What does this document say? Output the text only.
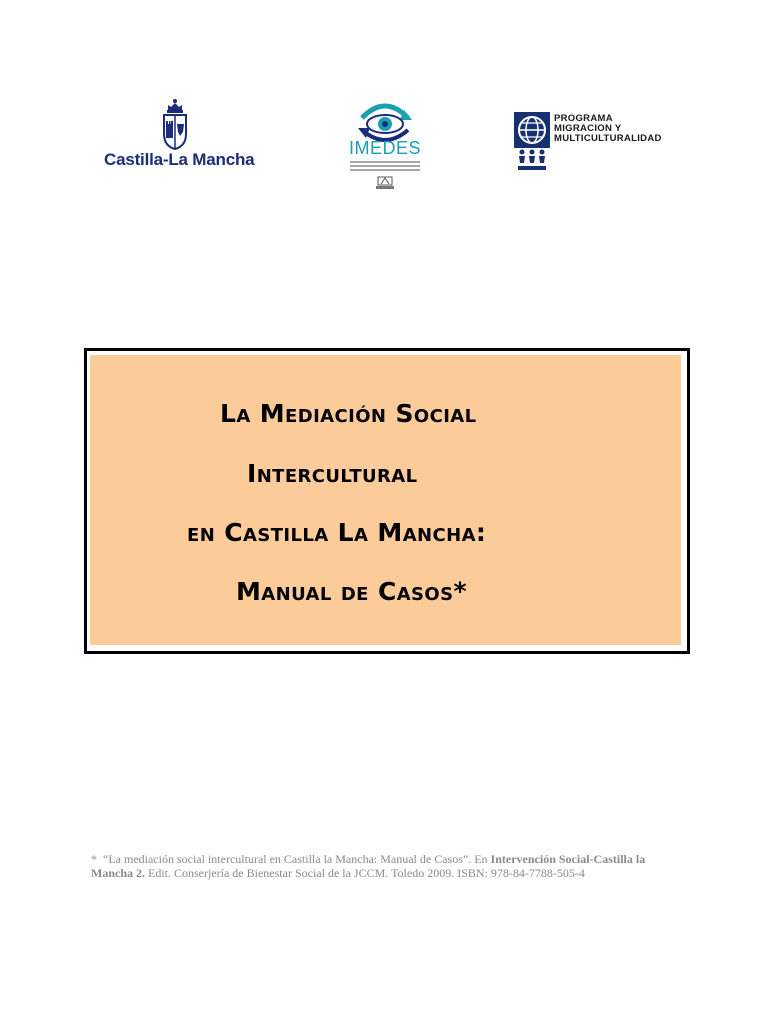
Castilla-La Mancha
IMEDES
PROGRAMA
MIGRACION Y
MULTICULTURALIDAD
La Mediación Social
Intercultural
en Castilla La Mancha:
Manual de Casos*
* “La mediación social intercultural en Castilla la Mancha: Manual de Casos”. En Intervención Social-Castilla la Mancha 2. Edit. Conserjería de Bienestar Social de la JCCM. Toledo 2009. ISBN: 978-84-7788-505-4
